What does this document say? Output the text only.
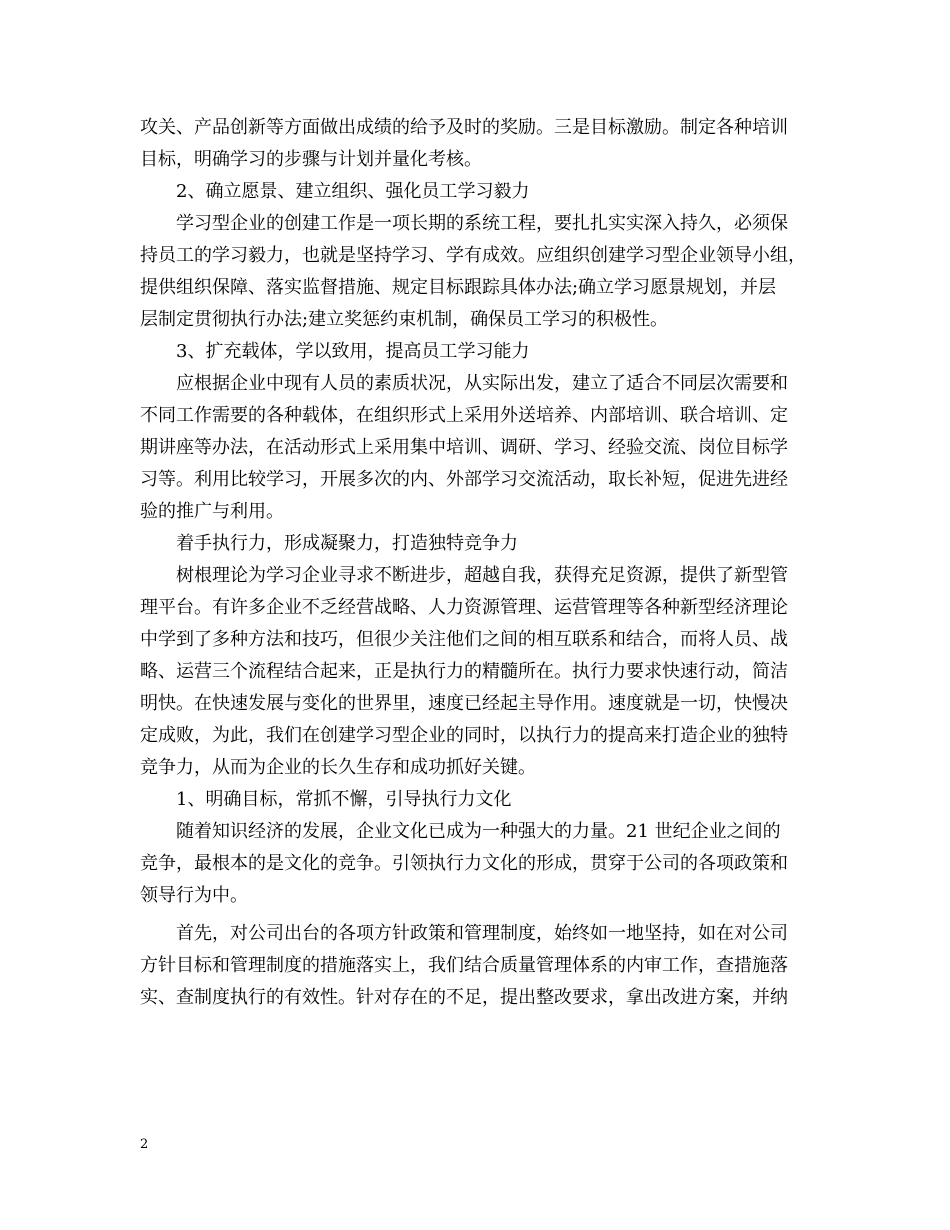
攻关、产品创新等方面做出成绩的给予及时的奖励。三是目标激励。制定各种培训
目标，明确学习的步骤与计划并量化考核。
2、确立愿景、建立组织、强化员工学习毅力
学习型企业的创建工作是一项长期的系统工程，要扎扎实实深入持久，必须保
持员工的学习毅力，也就是坚持学习、学有成效。应组织创建学习型企业领导小组，
提供组织保障、落实监督措施、规定目标跟踪具体办法;确立学习愿景规划，并层
层制定贯彻执行办法;建立奖惩约束机制，确保员工学习的积极性。
3、扩充载体，学以致用，提高员工学习能力
应根据企业中现有人员的素质状况，从实际出发，建立了适合不同层次需要和
不同工作需要的各种载体，在组织形式上采用外送培养、内部培训、联合培训、定
期讲座等办法，在活动形式上采用集中培训、调研、学习、经验交流、岗位目标学
习等。利用比较学习，开展多次的内、外部学习交流活动，取长补短，促进先进经
验的推广与利用。
着手执行力，形成凝聚力，打造独特竞争力
树根理论为学习企业寻求不断进步，超越自我，获得充足资源，提供了新型管
理平台。有许多企业不乏经营战略、人力资源管理、运营管理等各种新型经济理论
中学到了多种方法和技巧，但很少关注他们之间的相互联系和结合，而将人员、战
略、运营三个流程结合起来，正是执行力的精髓所在。执行力要求快速行动，简洁
明快。在快速发展与变化的世界里，速度已经起主导作用。速度就是一切，快慢决
定成败，为此，我们在创建学习型企业的同时，以执行力的提高来打造企业的独特
竞争力，从而为企业的长久生存和成功抓好关键。
1、明确目标，常抓不懈，引导执行力文化
随着知识经济的发展，企业文化已成为一种强大的力量。21 世纪企业之间的
竞争，最根本的是文化的竞争。引领执行力文化的形成，贯穿于公司的各项政策和
领导行为中。
首先，对公司出台的各项方针政策和管理制度，始终如一地坚持，如在对公司
方针目标和管理制度的措施落实上，我们结合质量管理体系的内审工作，查措施落
实、查制度执行的有效性。针对存在的不足，提出整改要求，拿出改进方案，并纳
2
